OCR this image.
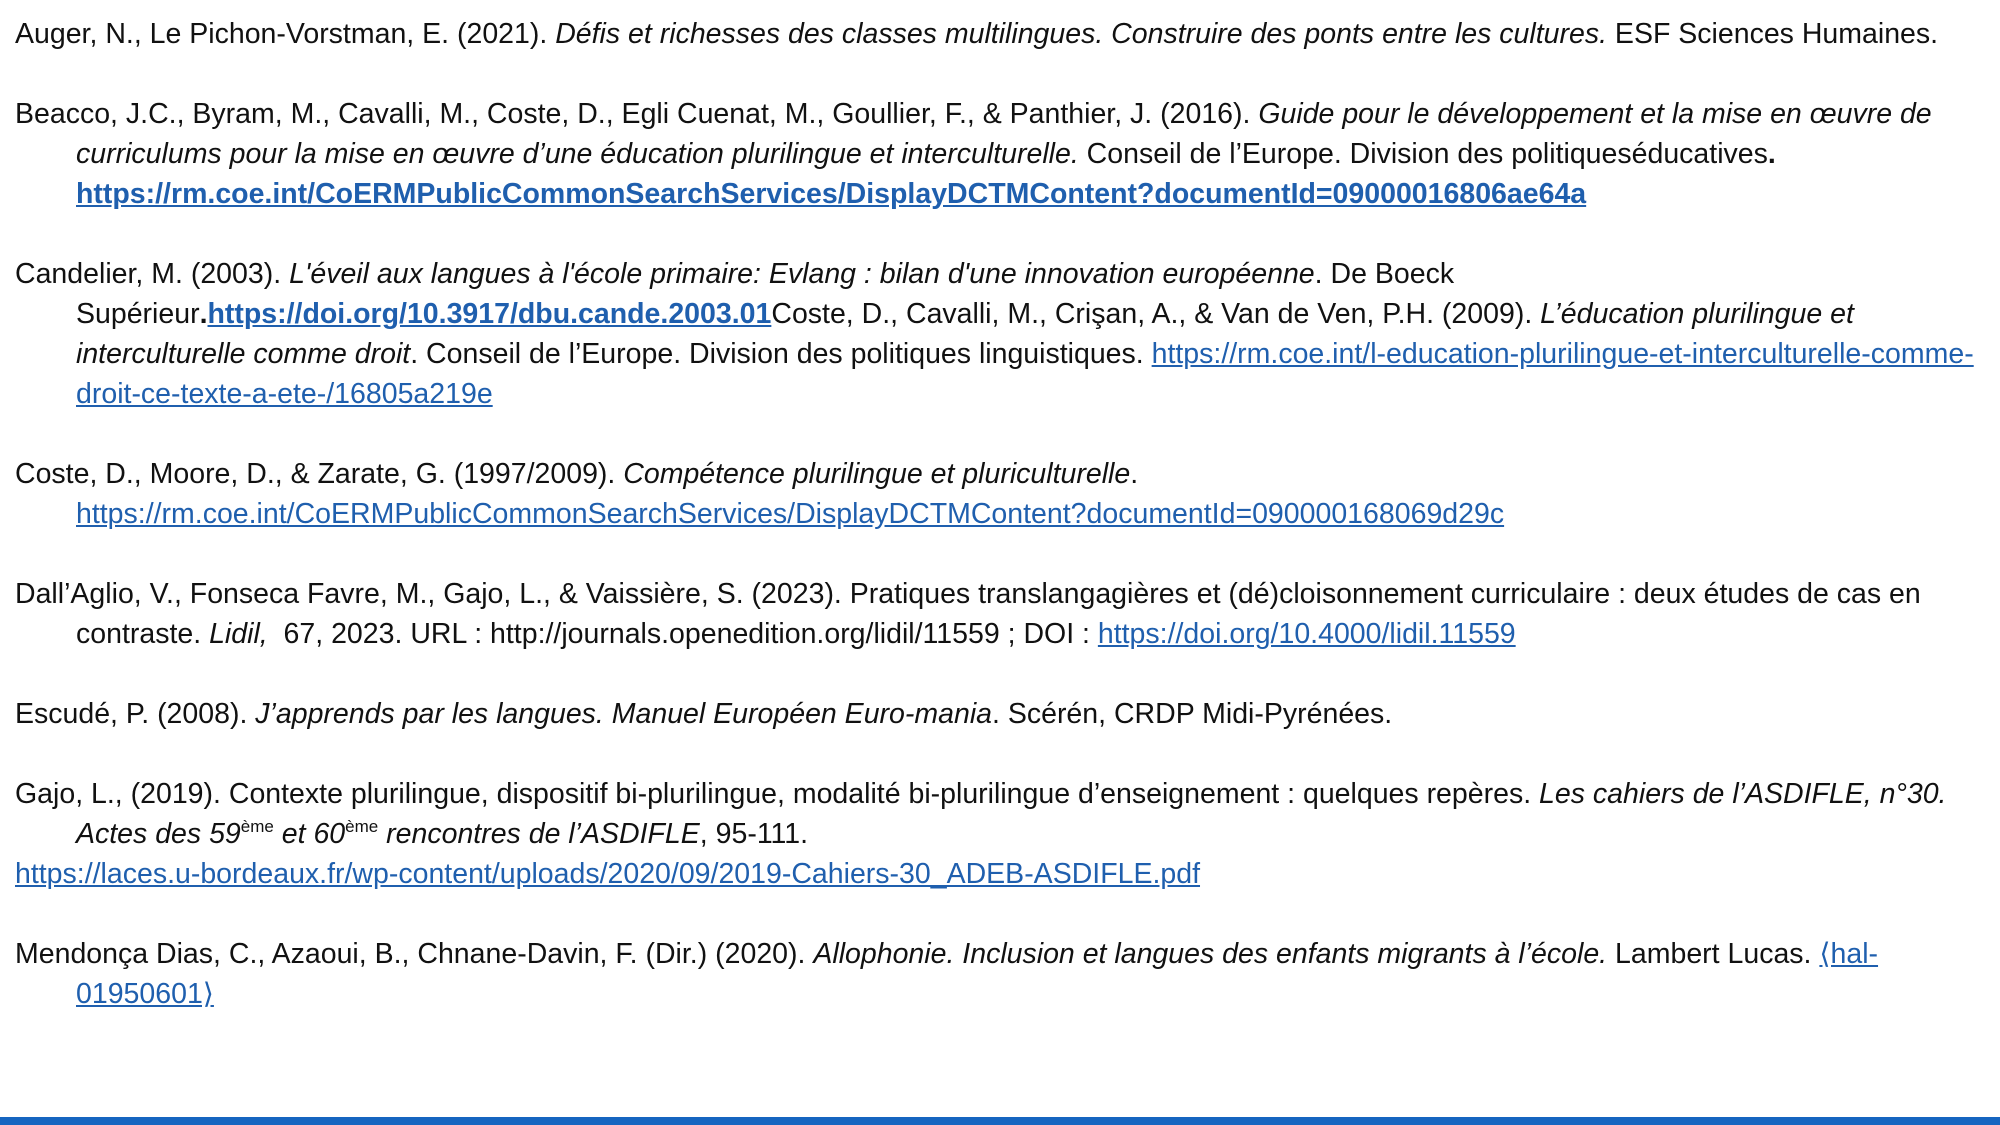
Auger, N., Le Pichon-Vorstman, E. (2021). Défis et richesses des classes multilingues. Construire des ponts entre les cultures. ESF Sciences Humaines.

Beacco, J.C., Byram, M., Cavalli, M., Coste, D., Egli Cuenat, M., Goullier, F., & Panthier, J. (2016). Guide pour le développement et la mise en œuvre de curriculums pour la mise en œuvre d’une éducation plurilingue et interculturelle. Conseil de l’Europe. Division des politiqueséducatives.
https://rm.coe.int/CoERMPublicCommonSearchServices/DisplayDCTMContent?documentId=09000016806ae64a

Candelier, M. (2003). L'éveil aux langues à l'école primaire: Evlang : bilan d'une innovation européenne. De Boeck Supérieur.https://doi.org/10.3917/dbu.cande.2003.01Coste, D., Cavalli, M., Crişan, A., & Van de Ven, P.H. (2009). L’éducation plurilingue et interculturelle comme droit. Conseil de l’Europe. Division des politiques linguistiques. https://rm.coe.int/l-education-plurilingue-et-interculturelle-comme-droit-ce-texte-a-ete-/16805a219e

Coste, D., Moore, D., & Zarate, G. (1997/2009). Compétence plurilingue et pluriculturelle.
https://rm.coe.int/CoERMPublicCommonSearchServices/DisplayDCTMContent?documentId=090000168069d29c

Dall’Aglio, V., Fonseca Favre, M., Gajo, L., & Vaissière, S. (2023). Pratiques translangagières et (dé)cloisonnement curriculaire : deux études de cas en contraste. Lidil,  67, 2023. URL : http://journals.openedition.org/lidil/11559 ; DOI : https://doi.org/10.4000/lidil.11559

Escudé, P. (2008). J’apprends par les langues. Manuel Européen Euro-mania. Scérén, CRDP Midi-Pyrénées.

Gajo, L., (2019). Contexte plurilingue, dispositif bi-plurilingue, modalité bi-plurilingue d’enseignement : quelques repères. Les cahiers de l’ASDIFLE, n°30. Actes des 59ème et 60ème rencontres de l’ASDIFLE, 95-111.
https://laces.u-bordeaux.fr/wp-content/uploads/2020/09/2019-Cahiers-30_ADEB-ASDIFLE.pdf

Mendonça Dias, C., Azaoui, B., Chnane-Davin, F. (Dir.) (2020). Allophonie. Inclusion et langues des enfants migrants à l’école. Lambert Lucas. ⟨hal-01950601⟩
